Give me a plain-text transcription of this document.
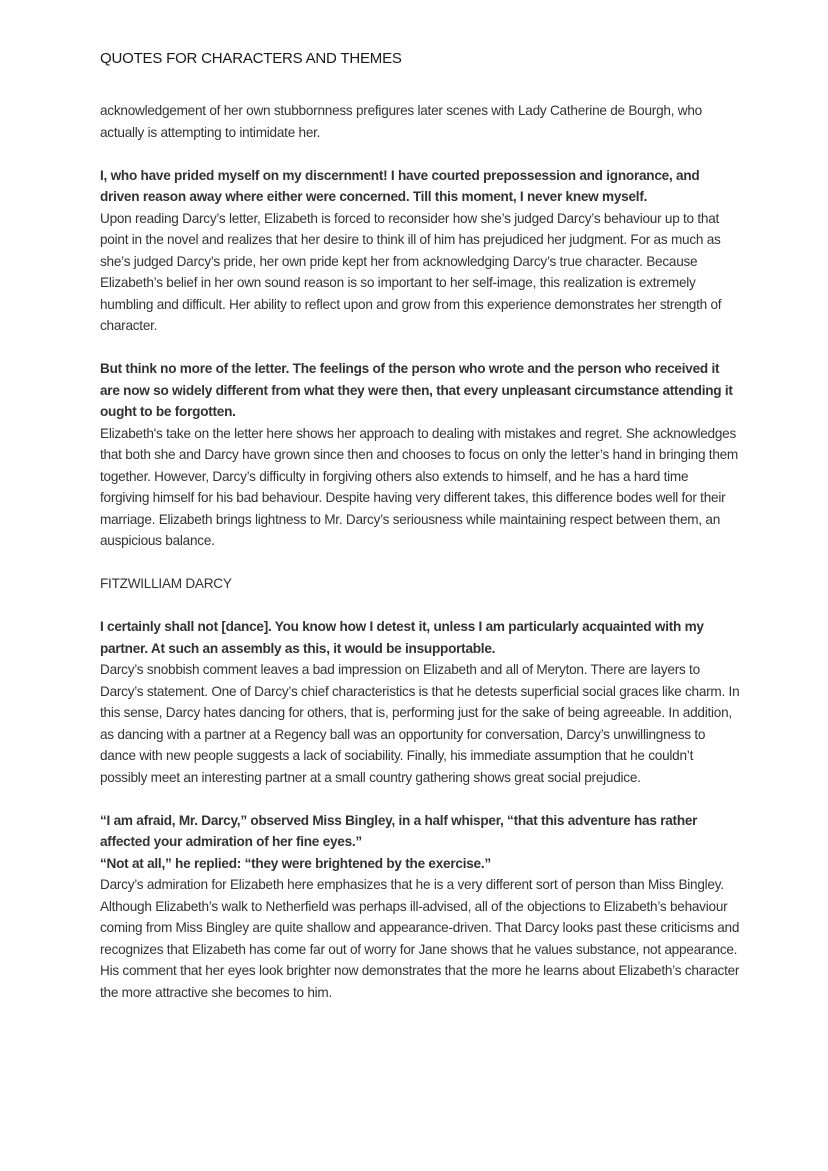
QUOTES FOR CHARACTERS AND THEMES
acknowledgement of her own stubbornness prefigures later scenes with Lady Catherine de Bourgh, who actually is attempting to intimidate her.
I, who have prided myself on my discernment! I have courted prepossession and ignorance, and driven reason away where either were concerned. Till this moment, I never knew myself.
Upon reading Darcy’s letter, Elizabeth is forced to reconsider how she’s judged Darcy’s behaviour up to that point in the novel and realizes that her desire to think ill of him has prejudiced her judgment. For as much as she’s judged Darcy’s pride, her own pride kept her from acknowledging Darcy’s true character. Because Elizabeth’s belief in her own sound reason is so important to her self-image, this realization is extremely humbling and difficult. Her ability to reflect upon and grow from this experience demonstrates her strength of character.
But think no more of the letter. The feelings of the person who wrote and the person who received it are now so widely different from what they were then, that every unpleasant circumstance attending it ought to be forgotten.
Elizabeth's take on the letter here shows her approach to dealing with mistakes and regret. She acknowledges that both she and Darcy have grown since then and chooses to focus on only the letter’s hand in bringing them together. However, Darcy’s difficulty in forgiving others also extends to himself, and he has a hard time forgiving himself for his bad behaviour. Despite having very different takes, this difference bodes well for their marriage. Elizabeth brings lightness to Mr. Darcy’s seriousness while maintaining respect between them, an auspicious balance.
FITZWILLIAM DARCY
I certainly shall not [dance]. You know how I detest it, unless I am particularly acquainted with my partner. At such an assembly as this, it would be insupportable.
Darcy’s snobbish comment leaves a bad impression on Elizabeth and all of Meryton. There are layers to Darcy’s statement. One of Darcy’s chief characteristics is that he detests superficial social graces like charm. In this sense, Darcy hates dancing for others, that is, performing just for the sake of being agreeable. In addition, as dancing with a partner at a Regency ball was an opportunity for conversation, Darcy’s unwillingness to dance with new people suggests a lack of sociability. Finally, his immediate assumption that he couldn’t possibly meet an interesting partner at a small country gathering shows great social prejudice.
“I am afraid, Mr. Darcy,” observed Miss Bingley, in a half whisper, “that this adventure has rather affected your admiration of her fine eyes.”
“Not at all,” he replied: “they were brightened by the exercise.”
Darcy’s admiration for Elizabeth here emphasizes that he is a very different sort of person than Miss Bingley. Although Elizabeth’s walk to Netherfield was perhaps ill-advised, all of the objections to Elizabeth’s behaviour coming from Miss Bingley are quite shallow and appearance-driven. That Darcy looks past these criticisms and recognizes that Elizabeth has come far out of worry for Jane shows that he values substance, not appearance. His comment that her eyes look brighter now demonstrates that the more he learns about Elizabeth’s character the more attractive she becomes to him.
